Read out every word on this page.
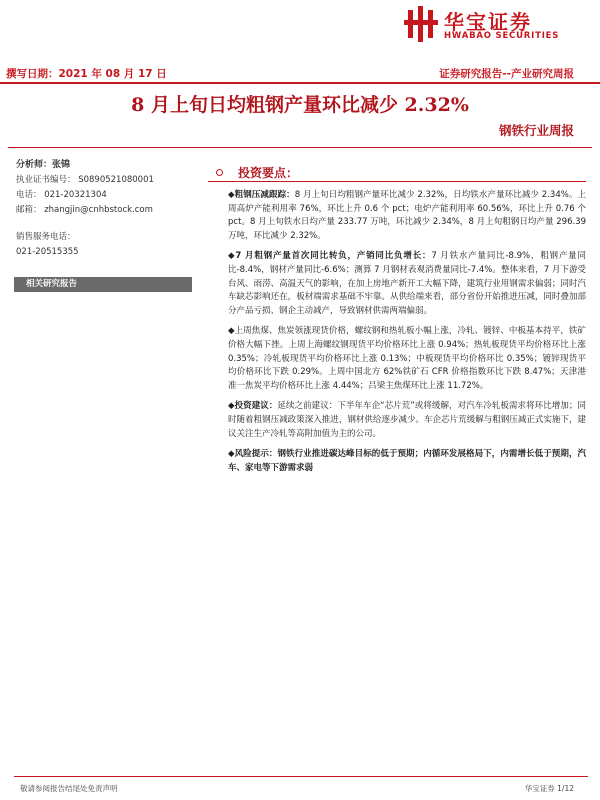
华宝证券
HWABAO SECURITIES
撰写日期：2021 年 08 月 17 日	证券研究报告--产业研究周报
8 月上旬日均粗钢产量环比减少 2.32%
钢铁行业周报
分析师：张锦
执业证书编号： S0890521080001
电话： 021-20321304
邮箱： zhangjin@cnhbstock.com
销售服务电话：
021-20515355
相关研究报告
投资要点：

◆粗钢压减跟踪：8 月上旬日均粗钢产量环比减少 2.32%，日均铁水产量环比减少 2.34%。上周高炉产能利用率 76%，环比上升 0.6 个 pct；电炉产能利用率 60.56%，环比上升 0.76 个 pct。8 月上旬铁水日均产量 233.77 万吨，环比减少 2.34%，8 月上旬粗钢日均产量 296.39 万吨，环比减少 2.32%。

◆7 月粗钢产量首次同比转负，产销同比负增长：7 月铁水产量同比-8.9%，粗钢产量同比-8.4%，钢材产量同比-6.6%；测算 7 月钢材表观消费量同比-7.4%。整体来看，7 月下游受台风、雨涝、高温天气的影响，在加上房地产新开工大幅下降，建筑行业用钢需求偏弱；同时汽车缺芯影响还在，板材端需求基础不牢靠。从供给端来看，部分省份开始推进压减，同时叠加部分产品亏损、钢企主动减产，导致钢材供需两端偏弱。

◆上周焦煤、焦炭领涨现货价格，螺纹钢和热轧板小幅上涨，冷轧、镀锌、中板基本持平，铁矿价格大幅下挫。上周上海螺纹钢现货平均价格环比上涨 0.94%；热轧板现货平均价格环比上涨 0.35%；冷轧板现货平均价格环比上涨 0.13%；中板现货平均价格环比 0.35%；镀锌现货平均价格环比下跌 0.29%。上周中国北方 62%铁矿石 CFR 价格指数环比下跌 8.47%；天津港准一焦炭平均价格环比上涨 4.44%；吕梁主焦煤环比上涨 11.72%。

◆投资建议：延续之前建议：下半年车企“芯片荒”或将缓解，对汽车冷轧板需求将环比增加；同时随着粗钢压减政策深入推进，钢材供给逐步减少。车企芯片荒缓解与粗钢压减正式实施下，建议关注生产冷轧等高附加值为主的公司。

◆风险提示：钢铁行业推进碳达峰目标的低于预期；内循环发展格局下，内需增长低于预期，汽车、家电等下游需求弱

敬请参阅报告结尾处免责声明	华宝证券 1/12
